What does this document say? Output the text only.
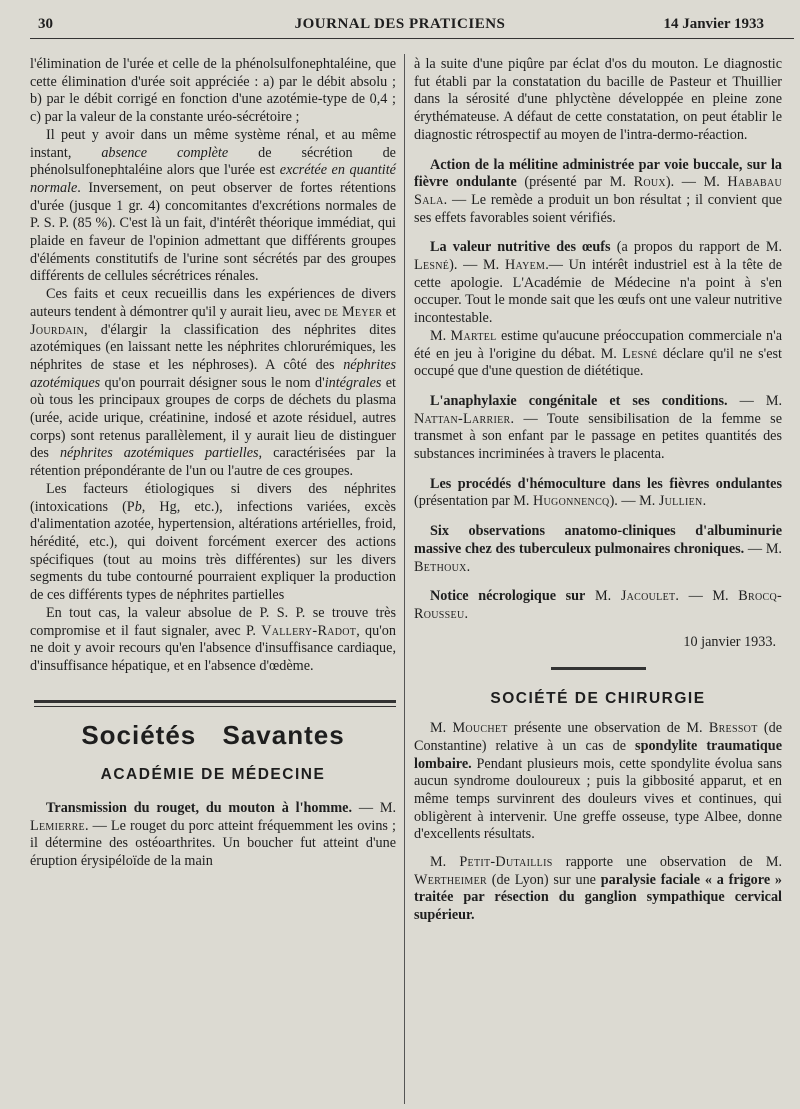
30	JOURNAL DES PRATICIENS	14 Janvier 1933

l'élimination de l'urée et celle de la phénolsulfonephtaléine, que cette élimination d'urée soit appréciée : a) par le débit absolu ; b) par le débit corrigé en fonction d'une azotémie-type de 0,4 ; c) par la valeur de la constante uréo-sécrétoire ;

Il peut y avoir dans un même système rénal, et au même instant, absence complète de sécrétion de phénolsulfonephtaléine alors que l'urée est excrétée en quantité normale. Inversement, on peut observer de fortes rétentions d'urée (jusque 1 gr. 4) concomitantes d'excrétions normales de P. S. P. (85 %). C'est là un fait, d'intérêt théorique immédiat, qui plaide en faveur de l'opinion admettant que différents groupes d'éléments constitutifs de l'urine sont sécrétés par des groupes différents de cellules sécrétrices rénales.

Ces faits et ceux recueillis dans les expériences de divers auteurs tendent à démontrer qu'il y aurait lieu, avec de Meyer et Jourdain, d'élargir la classification des néphrites dites azotémiques (en laissant nette les néphrites chlorurémiques, les néphrites de stase et les néphroses). A côté des néphrites azotémiques qu'on pourrait désigner sous le nom d'intégrales et où tous les principaux groupes de corps de déchets du plasma (urée, acide urique, créatinine, indosé et azote résiduel, autres corps) sont retenus parallèlement, il y aurait lieu de distinguer des néphrites azotémiques partielles, caractérisées par la rétention prépondérante de l'un ou l'autre de ces groupes.

Les facteurs étiologiques si divers des néphrites (intoxications (Pb, Hg, etc.), infections variées, excès d'alimentation azotée, hypertension, altérations artérielles, froid, hérédité, etc.), qui doivent forcément exercer des actions spécifiques (tout au moins très différentes) sur les divers segments du tube contourné pourraient expliquer la production de ces différents types de néphrites partielles

En tout cas, la valeur absolue de P. S. P. se trouve très compromise et il faut signaler, avec P. Vallery-Radot, qu'on ne doit y avoir recours qu'en l'absence d'insuffisance cardiaque, d'insuffisance hépatique, et en l'absence d'œdème.

Sociétés Savantes
ACADÉMIE DE MÉDECINE

Transmission du rouget, du mouton à l'homme. — M. Lemierre. — Le rouget du porc atteint fréquemment les ovins ; il détermine des ostéoarthrites. Un boucher fut atteint d'une éruption érysipéloïde de la main

à la suite d'une piqûre par éclat d'os du mouton. Le diagnostic fut établi par la constatation du bacille de Pasteur et Thuillier dans la sérosité d'une phlyctène développée en pleine zone érythémateuse. A défaut de cette constatation, on peut établir le diagnostic rétrospectif au moyen de l'intra-dermo-réaction.

Action de la mélitine administrée par voie buccale, sur la fièvre ondulante (présenté par M. Roux). — M. Hababau Sala. — Le remède a produit un bon résultat ; il convient que ses effets favorables soient vérifiés.

La valeur nutritive des œufs (a propos du rapport de M. Lesné). — M. Hayem.— Un intérêt industriel est à la tête de cette apologie. L'Académie de Médecine n'a point à s'en occuper. Tout le monde sait que les œufs ont une valeur nutritive incontestable.

M. Martel estime qu'aucune préoccupation commerciale n'a été en jeu à l'origine du débat. M. Lesné déclare qu'il ne s'est occupé que d'une question de diététique.

L'anaphylaxie congénitale et ses conditions. — M. Nattan-Larrier. — Toute sensibilisation de la femme se transmet à son enfant par le passage en petites quantités des substances incriminées à travers le placenta.

Les procédés d'hémoculture dans les fièvres ondulantes (présentation par M. Hugonnencq). — M. Jullien.

Six observations anatomo-cliniques d'albuminurie massive chez des tuberculeux pulmonaires chroniques. — M. Bethoux.

Notice nécrologique sur M. Jacoulet. — M. Brocq-Rousseu.

10 janvier 1933.

SOCIÉTÉ DE CHIRURGIE

M. Mouchet présente une observation de M. Bressot (de Constantine) relative à un cas de spondylite traumatique lombaire. Pendant plusieurs mois, cette spondylite évolua sans aucun syndrome douloureux ; puis la gibbosité apparut, et en même temps survinrent des douleurs vives et continues, qui obligèrent à intervenir. Une greffe osseuse, type Albee, donne d'excellents résultats.

M. Petit-Dutaillis rapporte une observation de M. Wertheimer (de Lyon) sur une paralysie faciale « a frigore » traitée par résection du ganglion sympathique cervical supérieur.
